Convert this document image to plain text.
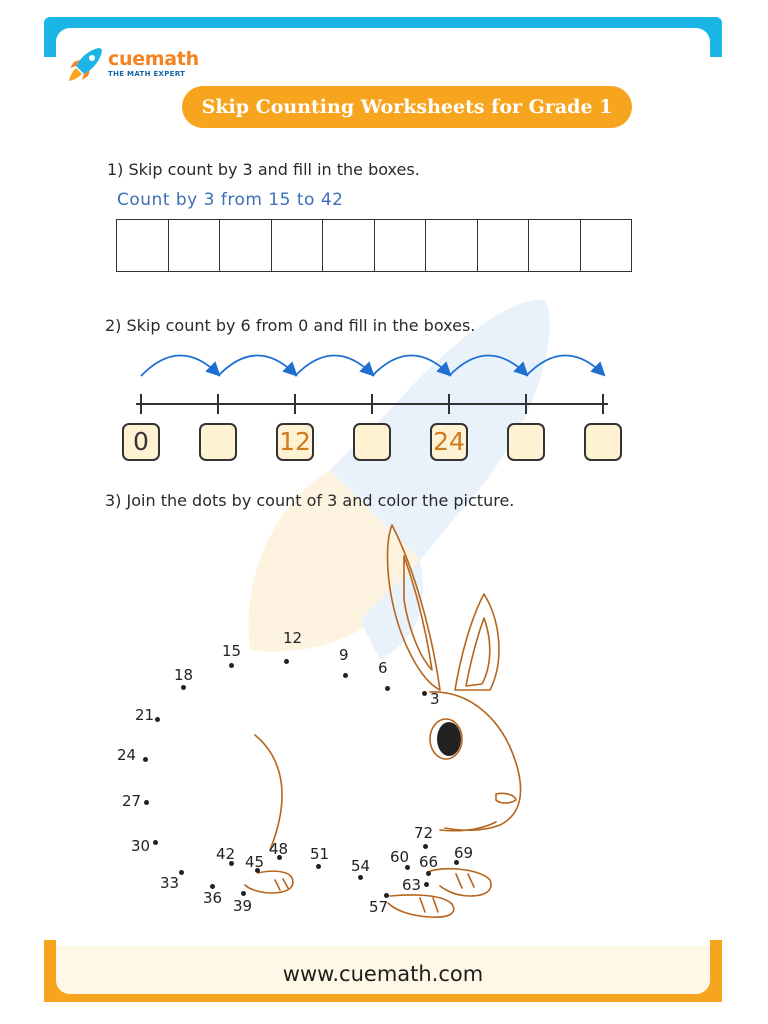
www.cuemath.com
cuemath
THE MATH EXPERT
Skip Counting Worksheets for Grade 1
1) Skip count by 3 and fill in the boxes.
Count by 3 from 15 to 42
2) Skip count by 6 from 0 and fill in the boxes.
0	12	24
3) Join the dots by count of 3 and color the picture.
3
6
9
12
15
18
21
24
27
30
33
36 39
42 45
48 51
54
57
60
63
66 69
72
